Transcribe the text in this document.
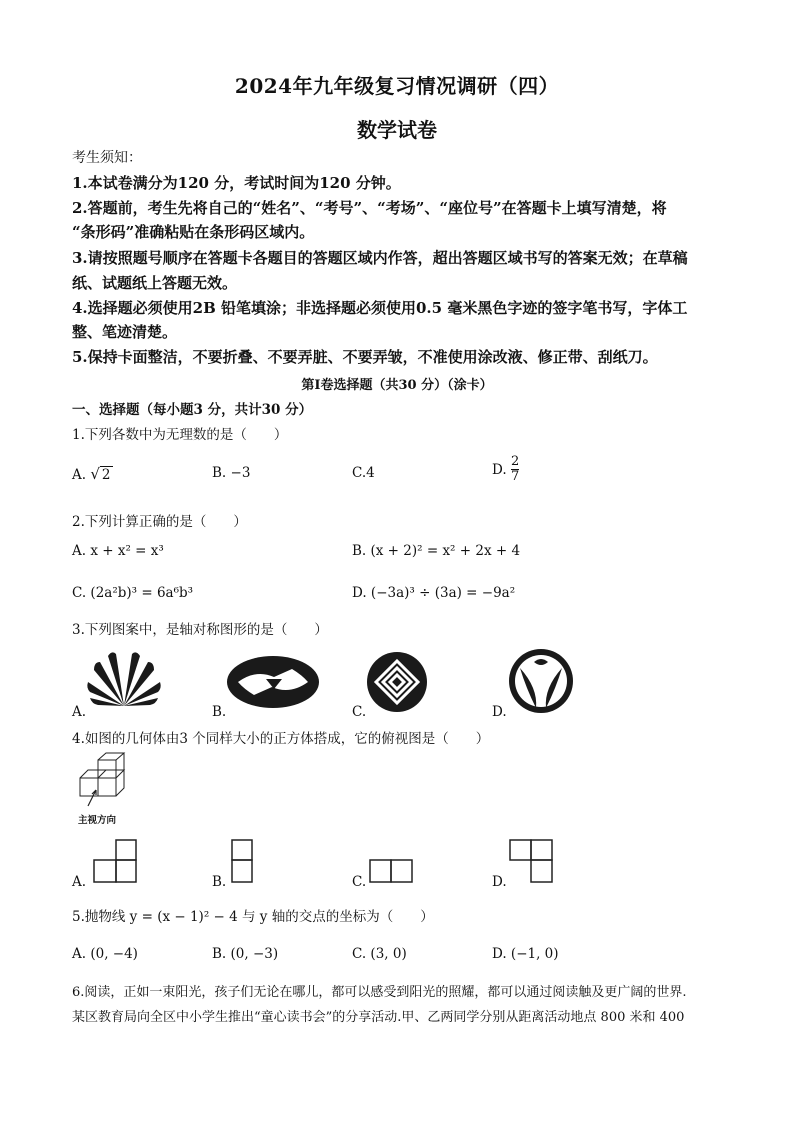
2024年九年级复习情况调研（四）
数学试卷
考生须知：
1.本试卷满分为120 分，考试时间为120 分钟。
2.答题前，考生先将自己的“姓名”、“考号”、“考场”、“座位号”在答题卡上填写清楚，将
“条形码”准确粘贴在条形码区域内。
3.请按照题号顺序在答题卡各题目的答题区域内作答，超出答题区域书写的答案无效；在草稿
纸、试题纸上答题无效。
4.选择题必须使用2B 铅笔填涂；非选择题必须使用0.5 毫米黑色字迹的签字笔书写，字体工
整、笔迹清楚。
5.保持卡面整洁，不要折叠、不要弄脏、不要弄皱，不准使用涂改液、修正带、刮纸刀。
第Ⅰ卷选择题（共30 分）（涂卡）
一、选择题（每小题3 分，共计30 分）
1.下列各数中为无理数的是（　　）
A. √ 2	B. −3	C.4	D. $\frac{2}{7}$
2.下列计算正确的是（　　）
A. x + x² = x³	B. (x + 2)² = x² + 2x + 4
C. (2a²b)³ = 6a⁶b³	D. (−3a)³ ÷ (3a) = −9a²
3.下列图案中，是轴对称图形的是（　　）
A.	B.	C.	D.
4.如图的几何体由3 个同样大小的正方体搭成，它的俯视图是（　　）
主视方向
A.	B.	C.	D.
5.抛物线 y = (x − 1)² − 4 与 y 轴的交点的坐标为（　　）
A. (0, −4)	B. (0, −3)	C. (3, 0)	D. (−1, 0)
6.阅读，正如一束阳光，孩子们无论在哪儿，都可以感受到阳光的照耀，都可以通过阅读触及更广阔的世界.
某区教育局向全区中小学生推出“童心读书会”的分享活动.甲、乙两同学分别从距离活动地点 800 米和 400
